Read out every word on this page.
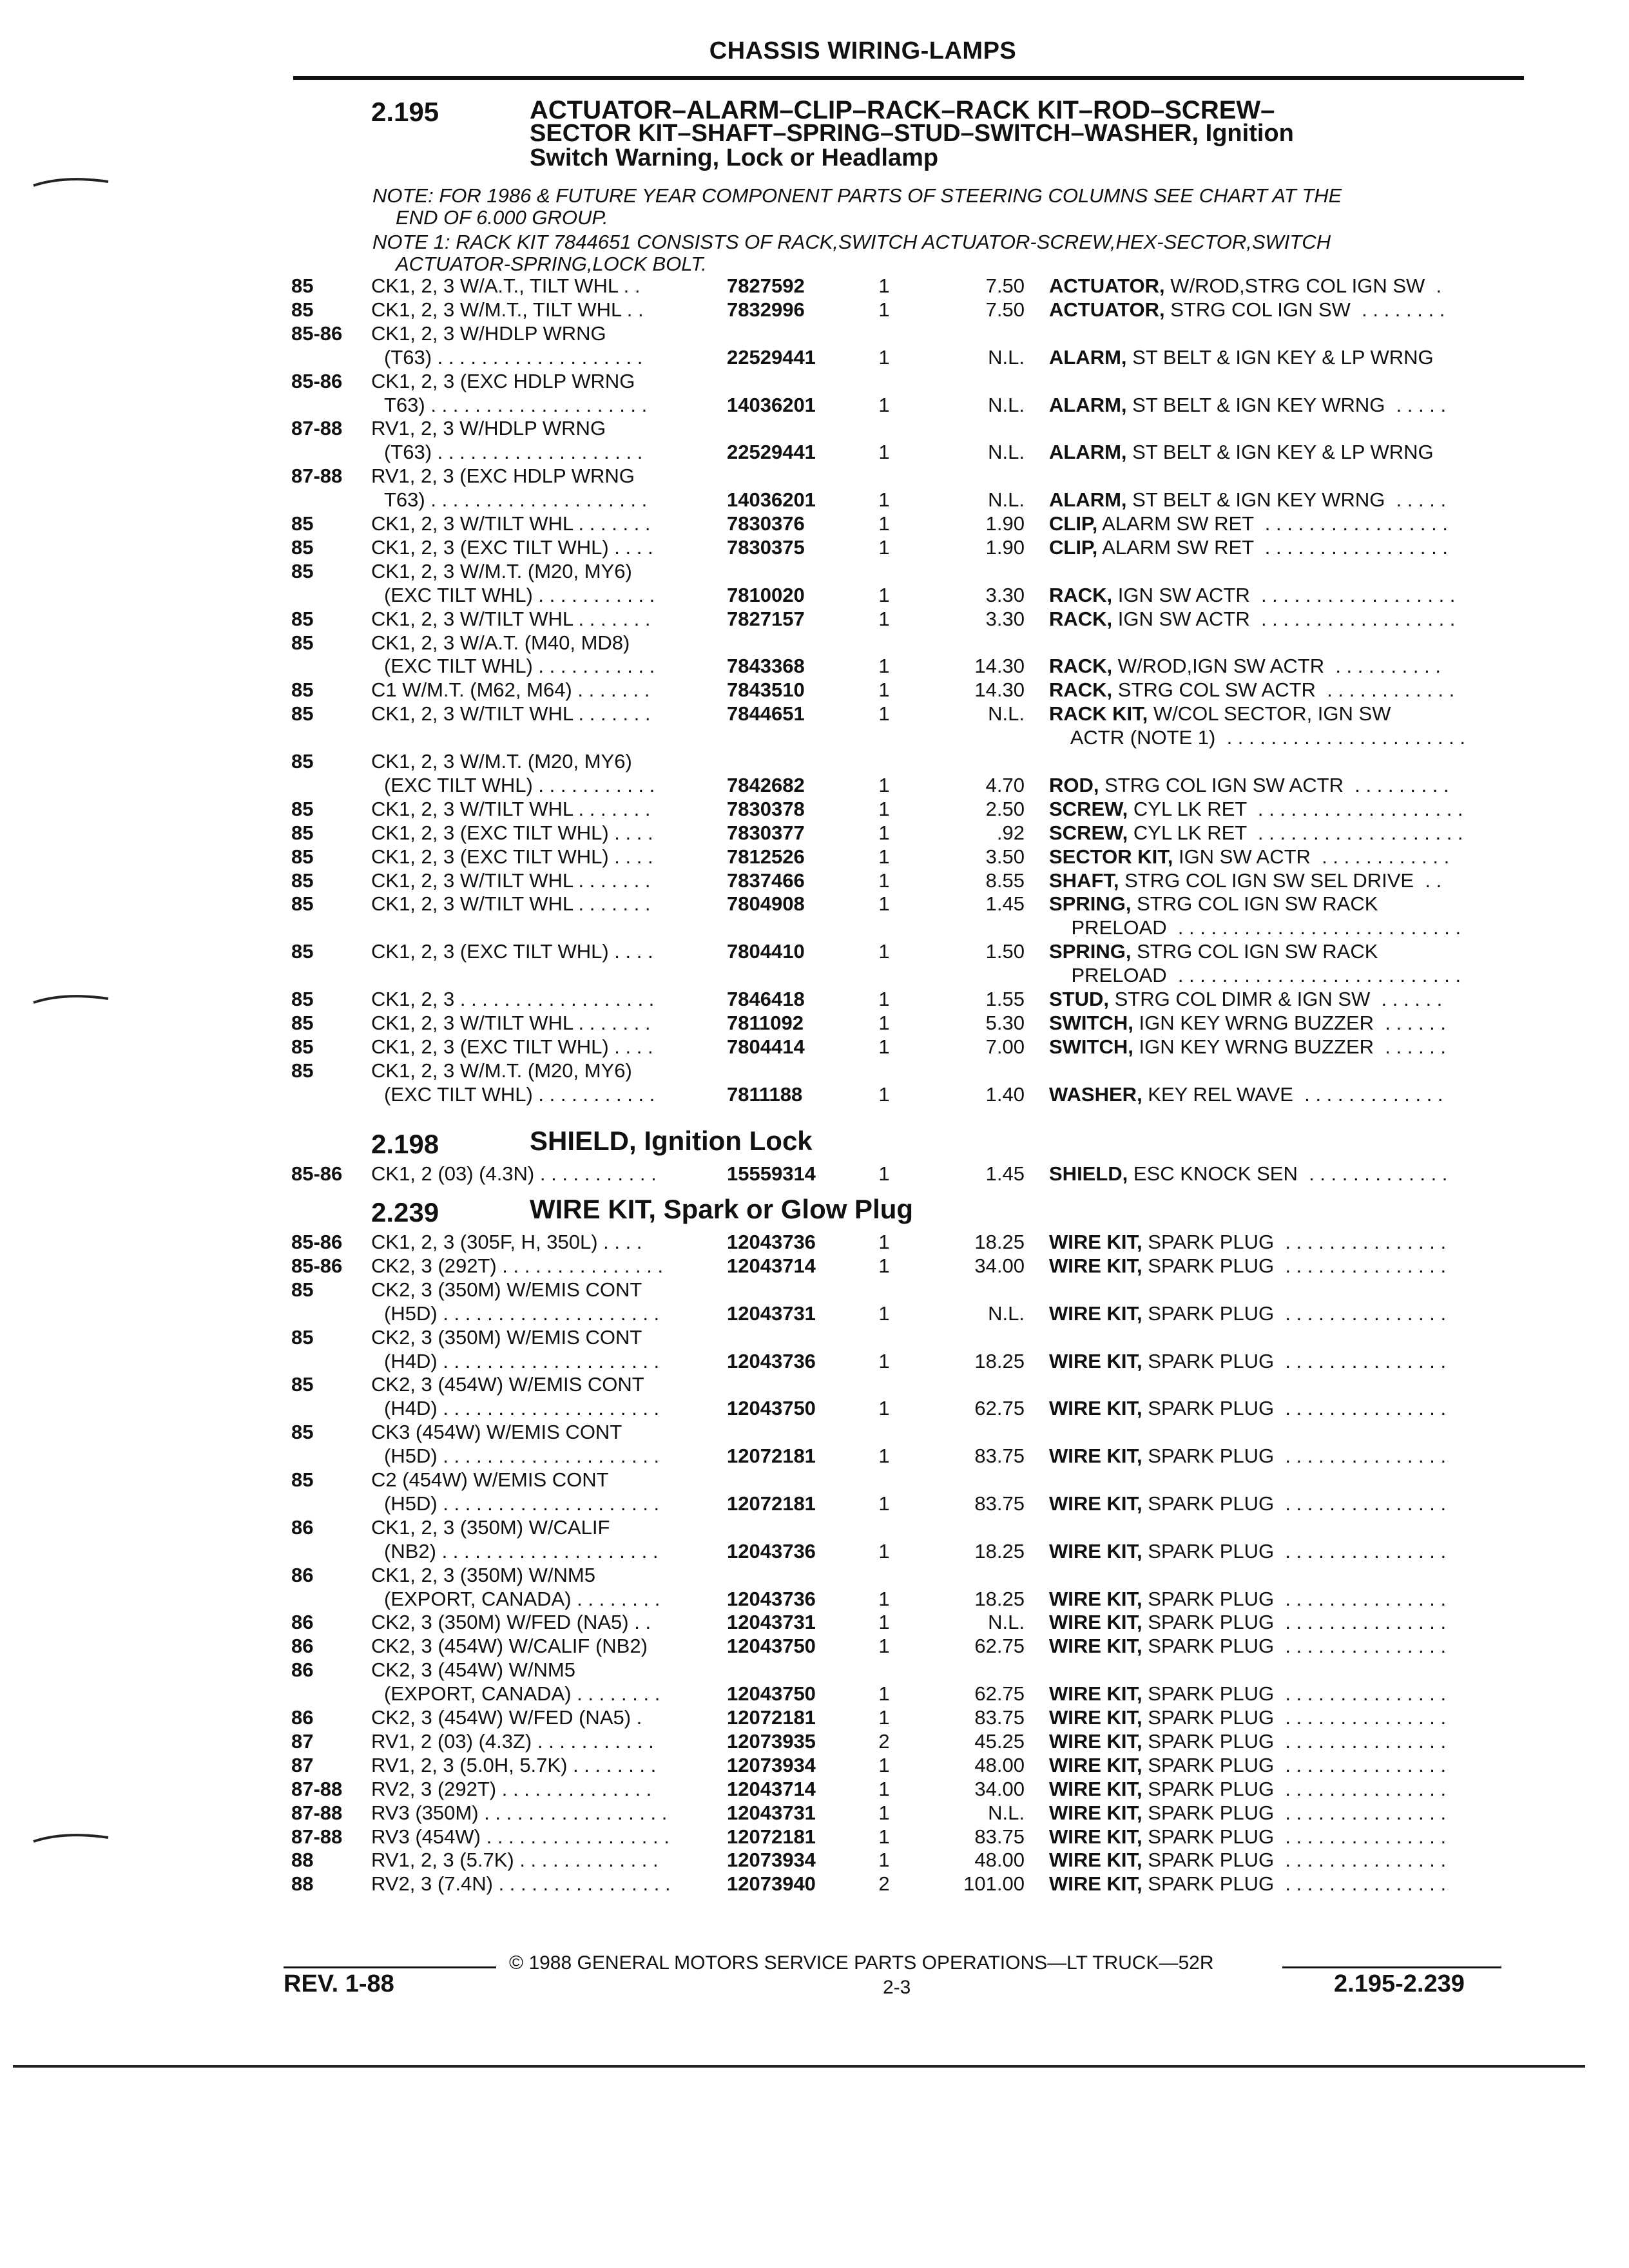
CHASSIS WIRING-LAMPS
2.195	ACTUATOR–ALARM–CLIP–RACK–RACK KIT–ROD–SCREW–
SECTOR KIT–SHAFT–SPRING–STUD–SWITCH–WASHER, Ignition
Switch Warning, Lock or Headlamp
NOTE: FOR 1986 & FUTURE YEAR COMPONENT PARTS OF STEERING COLUMNS SEE CHART AT THE
END OF 6.000 GROUP.
NOTE 1: RACK KIT 7844651 CONSISTS OF RACK,SWITCH ACTUATOR-SCREW,HEX-SECTOR,SWITCH
ACTUATOR-SPRING,LOCK BOLT.
85	CK1, 2, 3 W/A.T., TILT WHL . .	7827592	1	7.50 ACTUATOR, W/ROD,STRG COL IGN SW  .
85	CK1, 2, 3 W/M.T., TILT WHL . .	7832996	1	7.50 ACTUATOR, STRG COL IGN SW  . . . . . . . .
85-86 CK1, 2, 3 W/HDLP WRNG
(T63) . . . . . . . . . . . . . . . . . . .	22529441	1	N.L. ALARM, ST BELT & IGN KEY & LP WRNG
85-86 CK1, 2, 3 (EXC HDLP WRNG
T63) . . . . . . . . . . . . . . . . . . . .	14036201	1	N.L. ALARM, ST BELT & IGN KEY WRNG  . . . . .
87-88 RV1, 2, 3 W/HDLP WRNG
(T63) . . . . . . . . . . . . . . . . . . .	22529441	1	N.L. ALARM, ST BELT & IGN KEY & LP WRNG
87-88 RV1, 2, 3 (EXC HDLP WRNG
T63) . . . . . . . . . . . . . . . . . . . .	14036201	1	N.L. ALARM, ST BELT & IGN KEY WRNG  . . . . .
85	CK1, 2, 3 W/TILT WHL . . . . . . .	7830376	1	1.90 CLIP, ALARM SW RET  . . . . . . . . . . . . . . . . .
85	CK1, 2, 3 (EXC TILT WHL) . . . .	7830375	1	1.90 CLIP, ALARM SW RET  . . . . . . . . . . . . . . . . .
85	CK1, 2, 3 W/M.T. (M20, MY6)
(EXC TILT WHL) . . . . . . . . . . .	7810020	1	3.30 RACK, IGN SW ACTR  . . . . . . . . . . . . . . . . . .
85	CK1, 2, 3 W/TILT WHL . . . . . . .	7827157	1	3.30 RACK, IGN SW ACTR  . . . . . . . . . . . . . . . . . .
85	CK1, 2, 3 W/A.T. (M40, MD8)
(EXC TILT WHL) . . . . . . . . . . .	7843368	1	14.30 RACK, W/ROD,IGN SW ACTR  . . . . . . . . . .
85	C1 W/M.T. (M62, M64) . . . . . . .	7843510	1	14.30 RACK, STRG COL SW ACTR  . . . . . . . . . . . .
85	CK1, 2, 3 W/TILT WHL . . . . . . .	7844651	1	N.L. RACK KIT, W/COL SECTOR, IGN SW
ACTR (NOTE 1)  . . . . . . . . . . . . . . . . . . . . . .
85	CK1, 2, 3 W/M.T. (M20, MY6)
(EXC TILT WHL) . . . . . . . . . . .	7842682	1	4.70 ROD, STRG COL IGN SW ACTR  . . . . . . . . .
85	CK1, 2, 3 W/TILT WHL . . . . . . .	7830378	1	2.50 SCREW, CYL LK RET  . . . . . . . . . . . . . . . . . . .
85	CK1, 2, 3 (EXC TILT WHL) . . . .	7830377	1	.92 SCREW, CYL LK RET  . . . . . . . . . . . . . . . . . . .
85	CK1, 2, 3 (EXC TILT WHL) . . . .	7812526	1	3.50 SECTOR KIT, IGN SW ACTR  . . . . . . . . . . . .
85	CK1, 2, 3 W/TILT WHL . . . . . . .	7837466	1	8.55 SHAFT, STRG COL IGN SW SEL DRIVE  . .
85	CK1, 2, 3 W/TILT WHL . . . . . . .	7804908	1	1.45 SPRING, STRG COL IGN SW RACK
PRELOAD  . . . . . . . . . . . . . . . . . . . . . . . . . .
85	CK1, 2, 3 (EXC TILT WHL) . . . .	7804410	1	1.50 SPRING, STRG COL IGN SW RACK
PRELOAD  . . . . . . . . . . . . . . . . . . . . . . . . . .
85	CK1, 2, 3 . . . . . . . . . . . . . . . . . .	7846418	1	1.55 STUD, STRG COL DIMR & IGN SW  . . . . . .
85	CK1, 2, 3 W/TILT WHL . . . . . . .	7811092	1	5.30 SWITCH, IGN KEY WRNG BUZZER  . . . . . .
85	CK1, 2, 3 (EXC TILT WHL) . . . .	7804414	1	7.00 SWITCH, IGN KEY WRNG BUZZER  . . . . . .
85	CK1, 2, 3 W/M.T. (M20, MY6)
(EXC TILT WHL) . . . . . . . . . . .	7811188	1	1.40 WASHER, KEY REL WAVE  . . . . . . . . . . . . .
2.198	SHIELD, Ignition Lock
85-86 CK1, 2 (03) (4.3N) . . . . . . . . . . .	15559314	1	1.45 SHIELD, ESC KNOCK SEN  . . . . . . . . . . . . .
2.239	WIRE KIT, Spark or Glow Plug
85-86 CK1, 2, 3 (305F, H, 350L) . . . .	12043736	1	18.25 WIRE KIT, SPARK PLUG  . . . . . . . . . . . . . . .
85-86 CK2, 3 (292T) . . . . . . . . . . . . . . .	12043714	1	34.00 WIRE KIT, SPARK PLUG  . . . . . . . . . . . . . . .
85	CK2, 3 (350M) W/EMIS CONT
(H5D) . . . . . . . . . . . . . . . . . . . .	12043731	1	N.L. WIRE KIT, SPARK PLUG  . . . . . . . . . . . . . . .
85	CK2, 3 (350M) W/EMIS CONT
(H4D) . . . . . . . . . . . . . . . . . . . .	12043736	1	18.25 WIRE KIT, SPARK PLUG  . . . . . . . . . . . . . . .
85	CK2, 3 (454W) W/EMIS CONT
(H4D) . . . . . . . . . . . . . . . . . . . .	12043750	1	62.75 WIRE KIT, SPARK PLUG  . . . . . . . . . . . . . . .
85	CK3 (454W) W/EMIS CONT
(H5D) . . . . . . . . . . . . . . . . . . . .	12072181	1	83.75 WIRE KIT, SPARK PLUG  . . . . . . . . . . . . . . .
85	C2 (454W) W/EMIS CONT
(H5D) . . . . . . . . . . . . . . . . . . . .	12072181	1	83.75 WIRE KIT, SPARK PLUG  . . . . . . . . . . . . . . .
86	CK1, 2, 3 (350M) W/CALIF
(NB2) . . . . . . . . . . . . . . . . . . . .	12043736	1	18.25 WIRE KIT, SPARK PLUG  . . . . . . . . . . . . . . .
86	CK1, 2, 3 (350M) W/NM5
(EXPORT, CANADA) . . . . . . . .	12043736	1	18.25 WIRE KIT, SPARK PLUG  . . . . . . . . . . . . . . .
86	CK2, 3 (350M) W/FED (NA5) . .	12043731	1	N.L. WIRE KIT, SPARK PLUG  . . . . . . . . . . . . . . .
86	CK2, 3 (454W) W/CALIF (NB2)	12043750	1	62.75 WIRE KIT, SPARK PLUG  . . . . . . . . . . . . . . .
86	CK2, 3 (454W) W/NM5
(EXPORT, CANADA) . . . . . . . .	12043750	1	62.75 WIRE KIT, SPARK PLUG  . . . . . . . . . . . . . . .
86	CK2, 3 (454W) W/FED (NA5) .	12072181	1	83.75 WIRE KIT, SPARK PLUG  . . . . . . . . . . . . . . .
87	RV1, 2 (03) (4.3Z) . . . . . . . . . . .	12073935	2	45.25 WIRE KIT, SPARK PLUG  . . . . . . . . . . . . . . .
87	RV1, 2, 3 (5.0H, 5.7K) . . . . . . . .	12073934	1	48.00 WIRE KIT, SPARK PLUG  . . . . . . . . . . . . . . .
87-88 RV2, 3 (292T) . . . . . . . . . . . . . .	12043714	1	34.00 WIRE KIT, SPARK PLUG  . . . . . . . . . . . . . . .
87-88 RV3 (350M) . . . . . . . . . . . . . . . . .	12043731	1	N.L. WIRE KIT, SPARK PLUG  . . . . . . . . . . . . . . .
87-88 RV3 (454W) . . . . . . . . . . . . . . . . .	12072181	1	83.75 WIRE KIT, SPARK PLUG  . . . . . . . . . . . . . . .
88	RV1, 2, 3 (5.7K) . . . . . . . . . . . . .	12073934	1	48.00 WIRE KIT, SPARK PLUG  . . . . . . . . . . . . . . .
88	RV2, 3 (7.4N) . . . . . . . . . . . . . . . .	12073940	2	101.00 WIRE KIT, SPARK PLUG  . . . . . . . . . . . . . . .
© 1988 GENERAL MOTORS SERVICE PARTS OPERATIONS—LT TRUCK—52R
REV. 1-88	2-3	2.195-2.239
